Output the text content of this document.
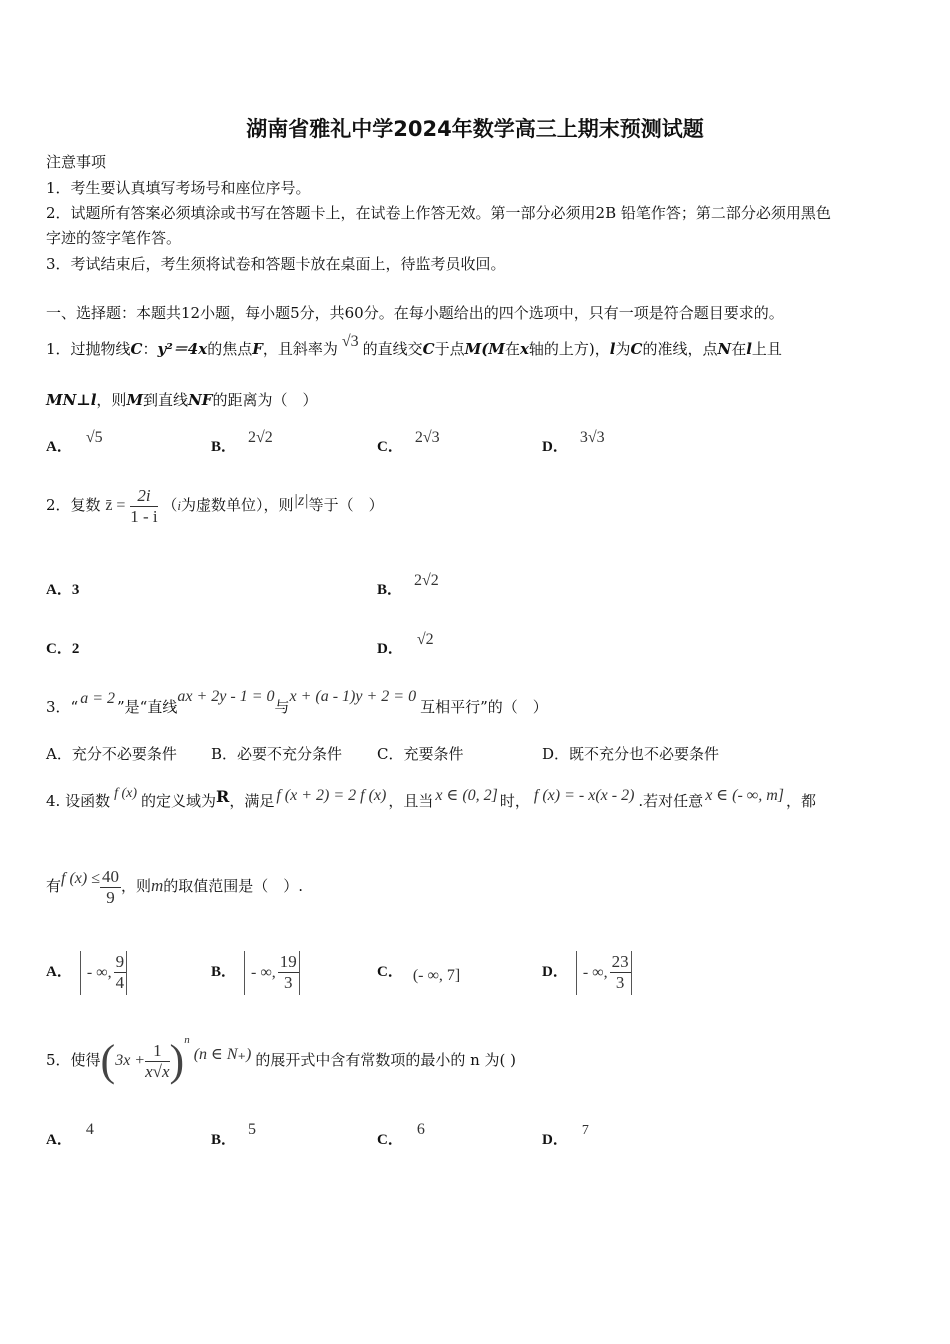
湖南省雅礼中学2024年数学高三上期末预测试题
注意事项
1．考生要认真填写考场号和座位序号。
2．试题所有答案必须填涂或书写在答题卡上，在试卷上作答无效。第一部分必须用2B 铅笔作答；第二部分必须用黑色
字迹的签字笔作答。
3．考试结束后，考生须将试卷和答题卡放在桌面上，待监考员收回。
一、选择题：本题共12小题，每小题5分，共60分。在每小题给出的四个选项中，只有一项是符合题目要求的。
1．过抛物线C：y²＝4x的焦点F，且斜率为 √3 的直线交C于点M(M在x轴的上方)，l为C的准线，点N在l上且
MN⊥l，则M到直线NF的距离为（　）
A．√5
B．2√2
C．2√3
D．3√3
2．复数 z̄ = $\frac{2i}{1 - i} (i$为虚数单位），则|z|等于（　）
A．3	B．2√2
C．2	D．√2
3．“ a = 2 ”是“直线ax + 2y - 1 = 0与x + (a - 1)y + 2 = 0互相平行”的（　）
A．充分不必要条件 B．必要不充分条件 C．充要条件	D．既不充分也不必要条件
4. 设函数 f (x) 的定义域为R，满足 f (x + 2) = 2 f (x) ，且当 x ∈ (0, 2] 时， f (x) = - x(x - 2) .若对任意 x ∈ (- ∞, m] ，都
有f $(x) \le \frac{40}{9}$ ，则m的取值范围是（　）.
A． - ∞, $\frac{9}{4}$	B． - ∞, $\frac{19}{3}$	C． (- ∞, 7]	D． - ∞, $\frac{23}{3}$
5．使得$(3x + \frac{1}{x√x} )^n(n$ ∈ N₊) 的展开式中含有常数项的最小的 n 为( )
A．4
B．5
C．6
D．7
